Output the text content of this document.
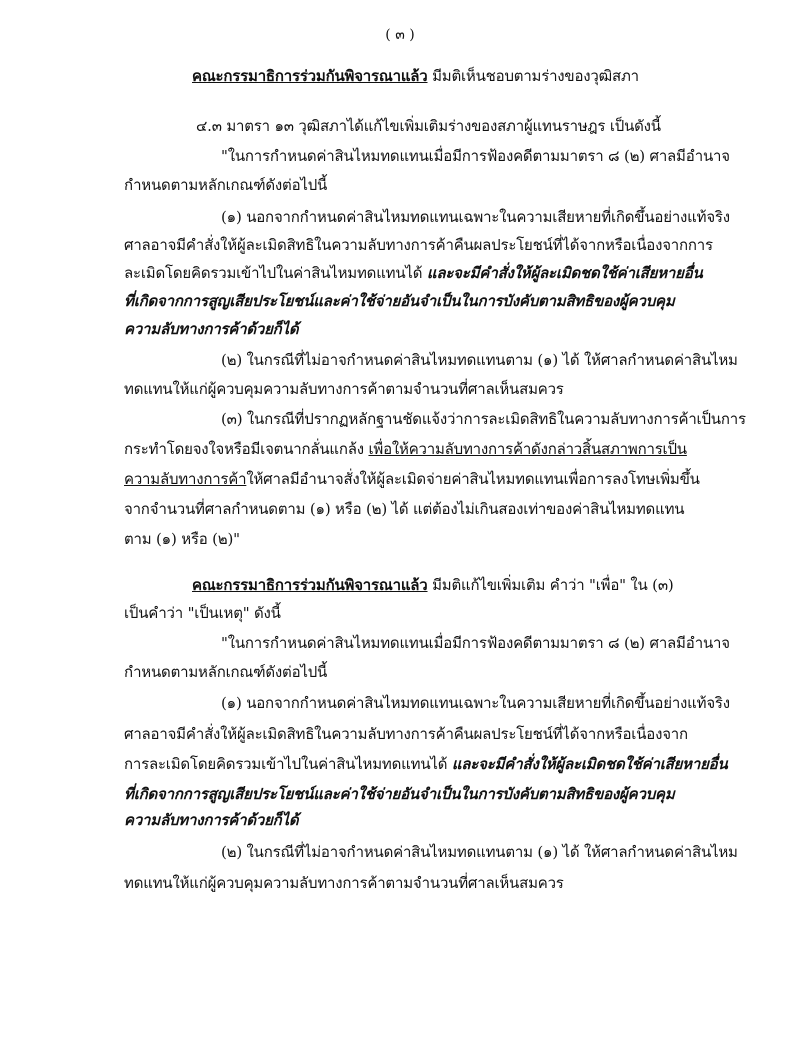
( ๓ )
คณะกรรมาธิการร่วมกันพิจารณาแล้ว มีมติเห็นชอบตามร่างของวุฒิสภา
๔.๓ มาตรา ๑๓ วุฒิสภาได้แก้ไขเพิ่มเติมร่างของสภาผู้แทนราษฎร เป็นดังนี้
"ในการกำหนดค่าสินไหมทดแทนเมื่อมีการฟ้องคดีตามมาตรา ๘ (๒) ศาลมีอำนาจ
กำหนดตามหลักเกณฑ์ดังต่อไปนี้
(๑) นอกจากกำหนดค่าสินไหมทดแทนเฉพาะในความเสียหายที่เกิดขึ้นอย่างแท้จริง
ศาลอาจมีคำสั่งให้ผู้ละเมิดสิทธิในความลับทางการค้าคืนผลประโยชน์ที่ได้จากหรือเนื่องจากการ
ละเมิดโดยคิดรวมเข้าไปในค่าสินไหมทดแทนได้ และจะมีคำสั่งให้ผู้ละเมิดชดใช้ค่าเสียหายอื่น
ที่เกิดจากการสูญเสียประโยชน์และค่าใช้จ่ายอันจำเป็นในการบังคับตามสิทธิของผู้ควบคุม
ความลับทางการค้าด้วยก็ได้
(๒) ในกรณีที่ไม่อาจกำหนดค่าสินไหมทดแทนตาม (๑) ได้ ให้ศาลกำหนดค่าสินไหม
ทดแทนให้แก่ผู้ควบคุมความลับทางการค้าตามจำนวนที่ศาลเห็นสมควร
(๓) ในกรณีที่ปรากฏหลักฐานชัดแจ้งว่าการละเมิดสิทธิในความลับทางการค้าเป็นการ
กระทำโดยจงใจหรือมีเจตนากลั่นแกล้ง เพื่อให้ความลับทางการค้าดังกล่าวสิ้นสภาพการเป็น
ความลับทางการค้าให้ศาลมีอำนาจสั่งให้ผู้ละเมิดจ่ายค่าสินไหมทดแทนเพื่อการลงโทษเพิ่มขึ้น
จากจำนวนที่ศาลกำหนดตาม (๑) หรือ (๒) ได้ แต่ต้องไม่เกินสองเท่าของค่าสินไหมทดแทน
ตาม (๑) หรือ (๒)"
คณะกรรมาธิการร่วมกันพิจารณาแล้ว มีมติแก้ไขเพิ่มเติม คำว่า "เพื่อ" ใน (๓)
เป็นคำว่า "เป็นเหตุ" ดังนี้
"ในการกำหนดค่าสินไหมทดแทนเมื่อมีการฟ้องคดีตามมาตรา ๘ (๒) ศาลมีอำนาจ
กำหนดตามหลักเกณฑ์ดังต่อไปนี้
(๑) นอกจากกำหนดค่าสินไหมทดแทนเฉพาะในความเสียหายที่เกิดขึ้นอย่างแท้จริง
ศาลอาจมีคำสั่งให้ผู้ละเมิดสิทธิในความลับทางการค้าคืนผลประโยชน์ที่ได้จากหรือเนื่องจาก
การละเมิดโดยคิดรวมเข้าไปในค่าสินไหมทดแทนได้ และจะมีคำสั่งให้ผู้ละเมิดชดใช้ค่าเสียหายอื่น
ที่เกิดจากการสูญเสียประโยชน์และค่าใช้จ่ายอันจำเป็นในการบังคับตามสิทธิของผู้ควบคุม
ความลับทางการค้าด้วยก็ได้
(๒) ในกรณีที่ไม่อาจกำหนดค่าสินไหมทดแทนตาม (๑) ได้ ให้ศาลกำหนดค่าสินไหม
ทดแทนให้แก่ผู้ควบคุมความลับทางการค้าตามจำนวนที่ศาลเห็นสมควร
